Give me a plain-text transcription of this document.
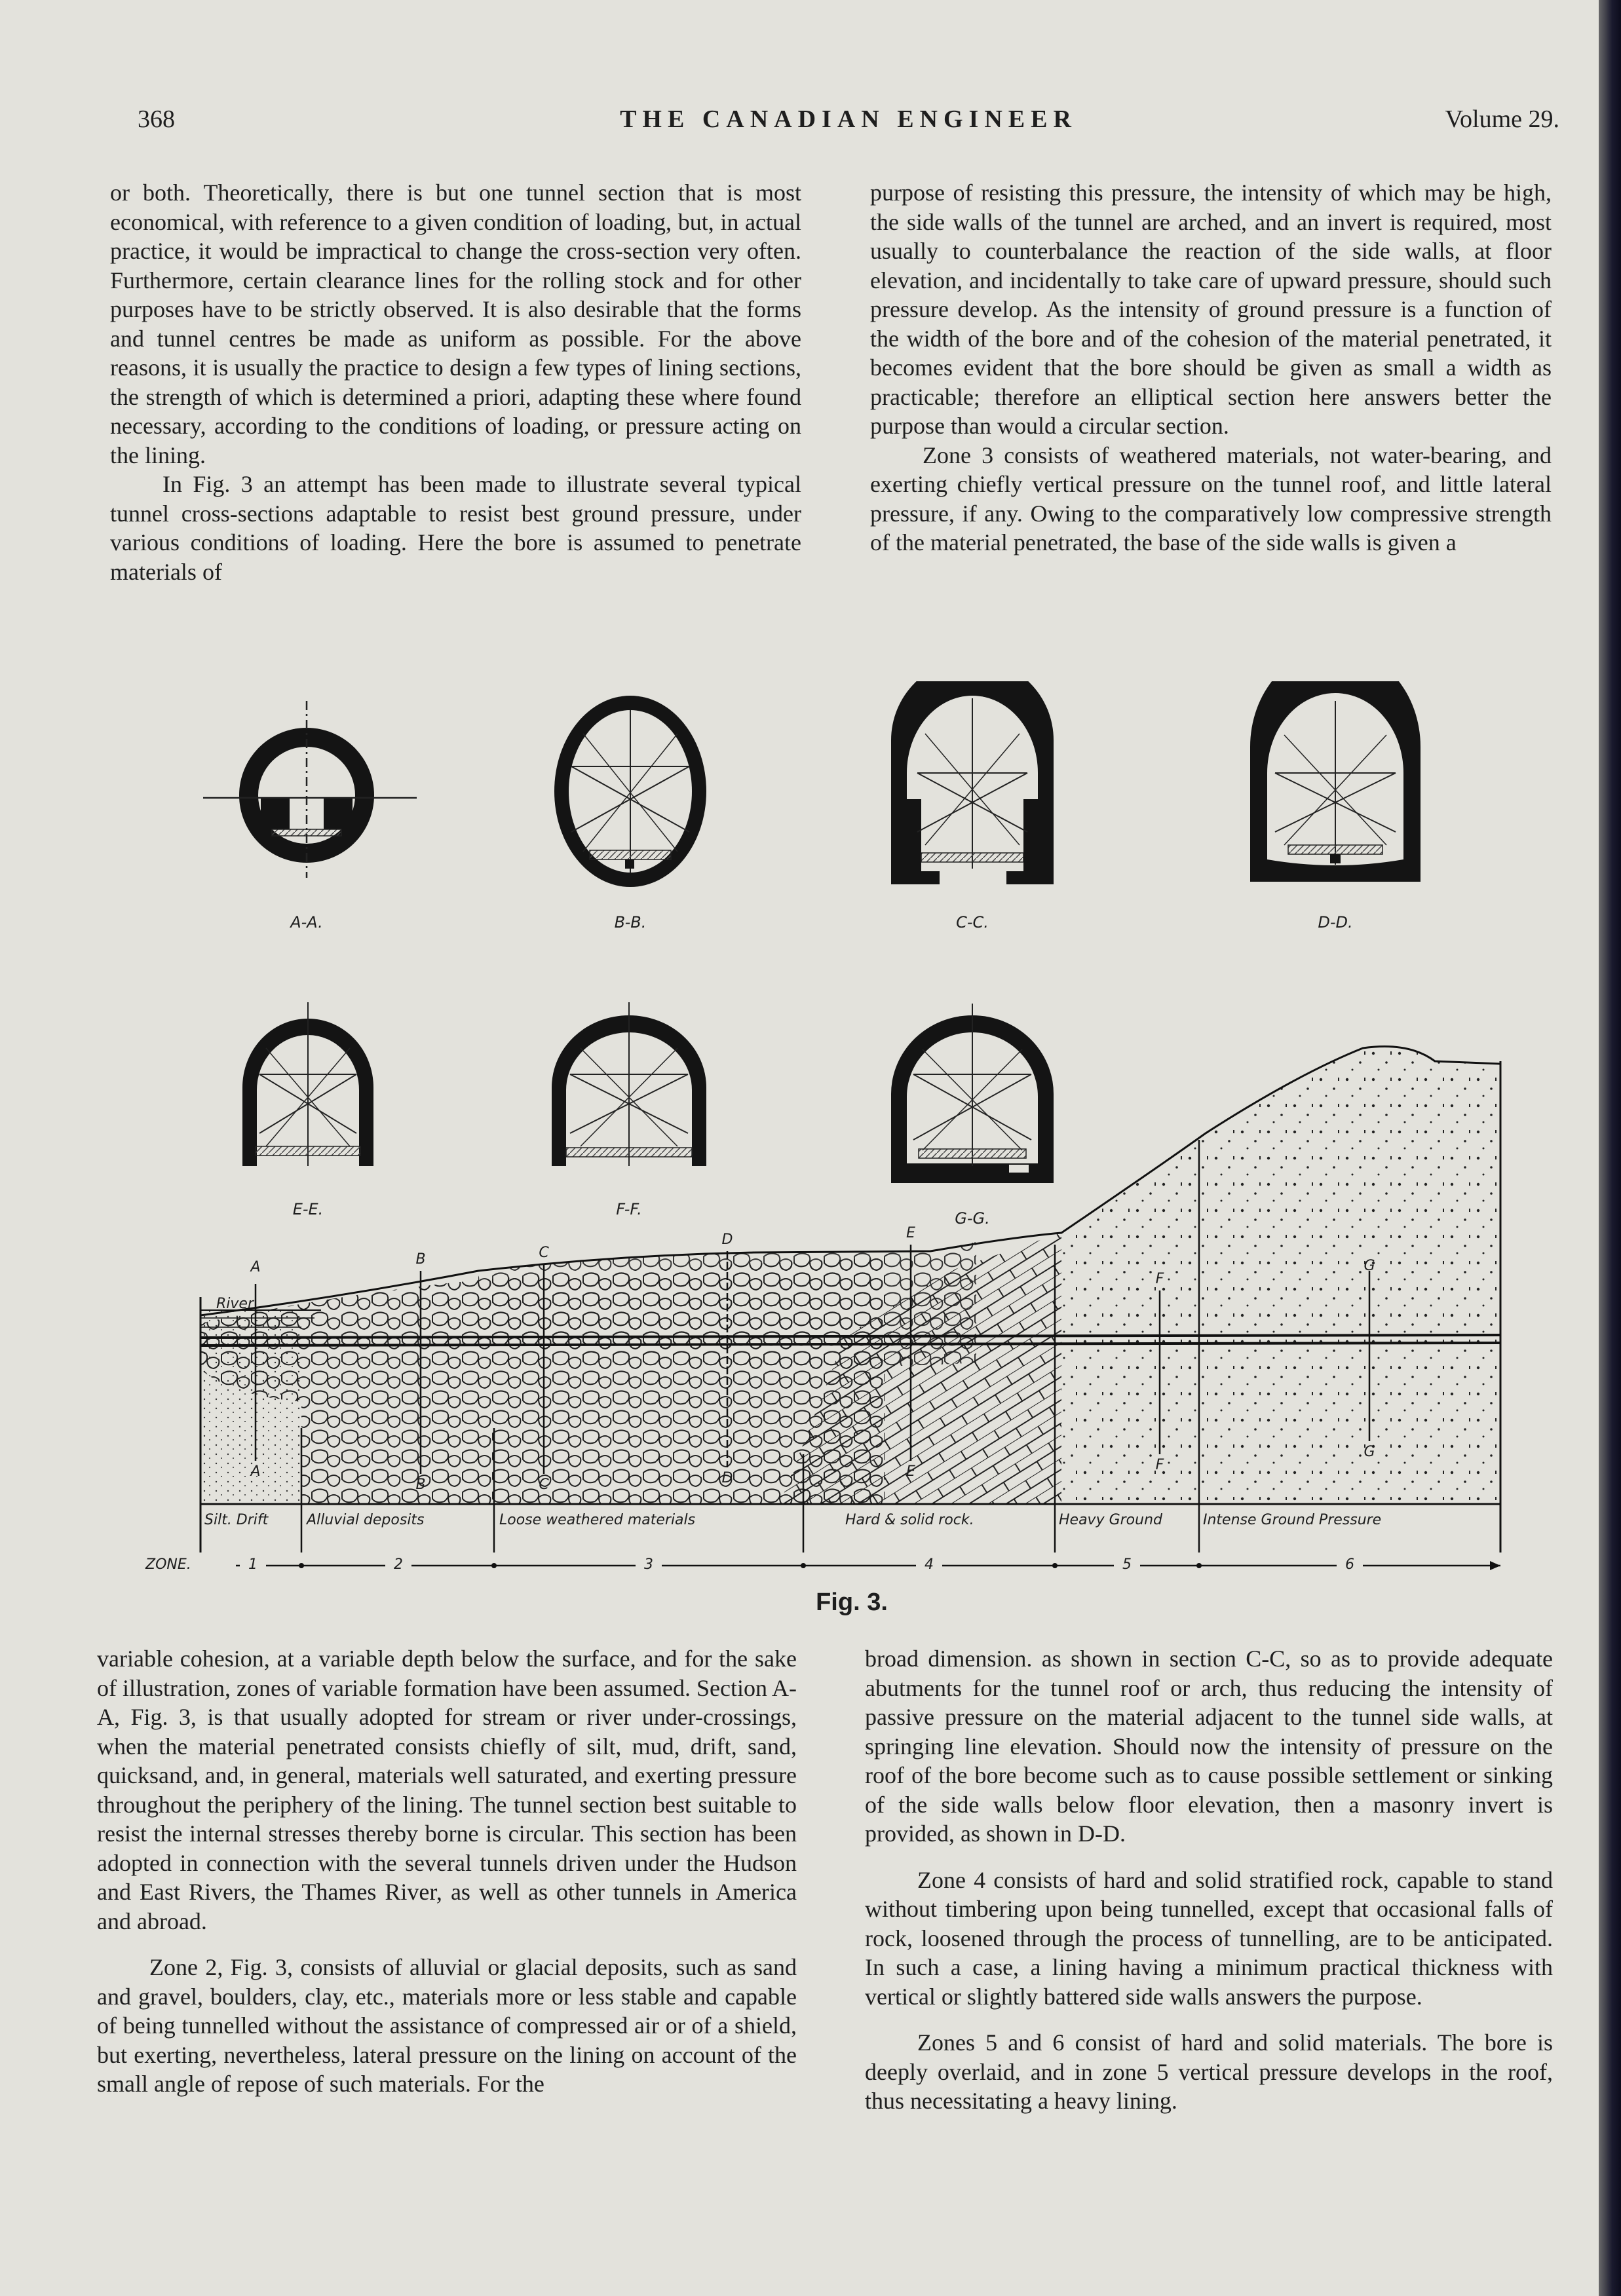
368	THE CANADIAN ENGINEER	Volume 29.

or both. Theoretically, there is but one tunnel section that is most economical, with reference to a given condition of loading, but, in actual practice, it would be impractical to change the cross-section very often. Furthermore, certain clearance lines for the rolling stock and for other purposes have to be strictly observed. It is also desirable that the forms and tunnel centres be made as uniform as possible. For the above reasons, it is usually the practice to design a few types of lining sections, the strength of which is determined a priori, adapting these where found necessary, according to the conditions of loading, or pressure acting on the lining.

In Fig. 3 an attempt has been made to illustrate several typical tunnel cross-sections adaptable to resist best ground pressure, under various conditions of loading. Here the bore is assumed to penetrate materials of

purpose of resisting this pressure, the intensity of which may be high, the side walls of the tunnel are arched, and an invert is required, most usually to counterbalance the reaction of the side walls, at floor elevation, and incidentally to take care of upward pressure, should such pressure develop. As the intensity of ground pressure is a function of the width of the bore and of the cohesion of the material penetrated, it becomes evident that the bore should be given as small a width as practicable; therefore an elliptical section here answers better the purpose than would a circular section.

Zone 3 consists of weathered materials, not water-bearing, and exerting chiefly vertical pressure on the tunnel roof, and little lateral pressure, if any. Owing to the comparatively low compressive strength of the material penetrated, the base of the side walls is given a

A-A.	B-B.	C-C.	D-D.
E-E.	F-F.	G-G.
River
A	B	C
D	E
F
G
A
B	C	D	E	F
G
Silt. Drift	Alluvial deposits	Loose weathered materials	Hard & solid rock.	Heavy Ground	Intense Ground Pressure
ZONE.	1	2	3	4	5	6
Fig. 3.

variable cohesion, at a variable depth below the surface, and for the sake of illustration, zones of variable formation have been assumed. Section A-A, Fig. 3, is that usually adopted for stream or river under-crossings, when the material penetrated consists chiefly of silt, mud, drift, sand, quicksand, and, in general, materials well saturated, and exerting pressure throughout the periphery of the lining. The tunnel section best suitable to resist the internal stresses thereby borne is circular. This section has been adopted in connection with the several tunnels driven under the Hudson and East Rivers, the Thames River, as well as other tunnels in America and abroad.

Zone 2, Fig. 3, consists of alluvial or glacial deposits, such as sand and gravel, boulders, clay, etc., materials more or less stable and capable of being tunnelled without the assistance of compressed air or of a shield, but exerting, nevertheless, lateral pressure on the lining on account of the small angle of repose of such materials. For the

broad dimension. as shown in section C-C, so as to provide adequate abutments for the tunnel roof or arch, thus reducing the intensity of passive pressure on the material adjacent to the tunnel side walls, at springing line elevation. Should now the intensity of pressure on the roof of the bore become such as to cause possible settlement or sinking of the side walls below floor elevation, then a masonry invert is provided, as shown in D-D.

Zone 4 consists of hard and solid stratified rock, capable to stand without timbering upon being tunnelled, except that occasional falls of rock, loosened through the process of tunnelling, are to be anticipated. In such a case, a lining having a minimum practical thickness with vertical or slightly battered side walls answers the purpose.

Zones 5 and 6 consist of hard and solid materials. The bore is deeply overlaid, and in zone 5 vertical pressure develops in the roof, thus necessitating a heavy lining.
